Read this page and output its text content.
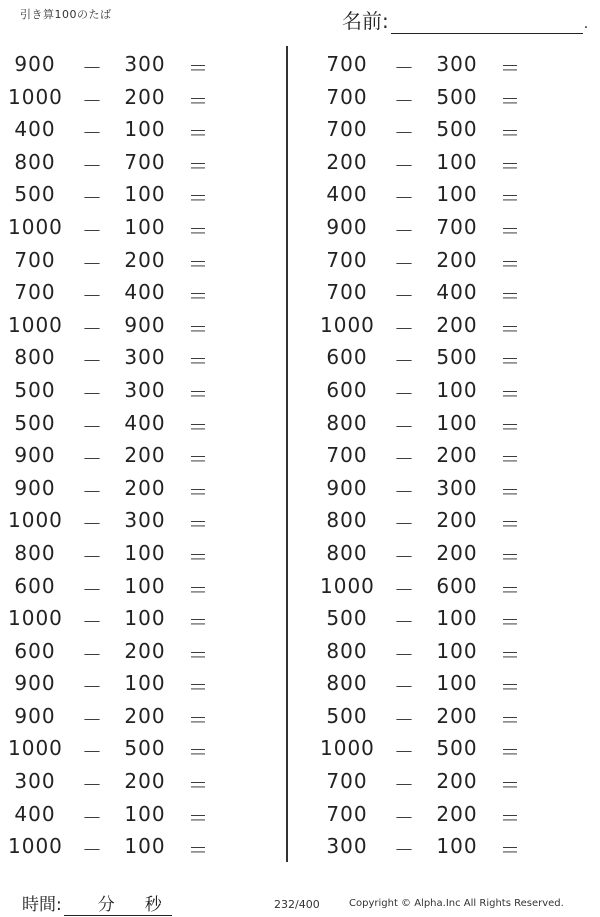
引き算100のたば	名前:	.
900	－ 300 ＝
1000 － 200 ＝
400	－ 100 ＝
800	－ 700 ＝
500	－ 100 ＝
1000 － 100 ＝
700	－ 200 ＝
700	－ 400 ＝
1000 － 900 ＝
800	－ 300 ＝
500	－ 300 ＝
500	－ 400 ＝
900	－ 200 ＝
900	－ 200 ＝
1000 － 300 ＝
800	－ 100 ＝
600	－ 100 ＝
1000 － 100 ＝
600	－ 200 ＝
900	－ 100 ＝
900	－ 200 ＝
1000 － 500 ＝
300	－ 200 ＝
400	－ 100 ＝
1000 － 100 ＝
700	－ 300 ＝
700	－ 500 ＝
700	－ 500 ＝
200	－ 100 ＝
400	－ 100 ＝
900	－ 700 ＝
700	－ 200 ＝
700	－ 400 ＝
1000 － 200 ＝
600	－ 500 ＝
600	－ 100 ＝
800	－ 100 ＝
700	－ 200 ＝
900	－ 300 ＝
800	－ 200 ＝
800	－ 200 ＝
1000 － 600 ＝
500	－ 100 ＝
800	－ 100 ＝
800	－ 100 ＝
500	－ 200 ＝
1000 － 500 ＝
700	－ 200 ＝
700	－ 200 ＝
300	－ 100 ＝
時間: 分 秒	232/400	Copyright © Alpha.Inc All Rights Reserved.
